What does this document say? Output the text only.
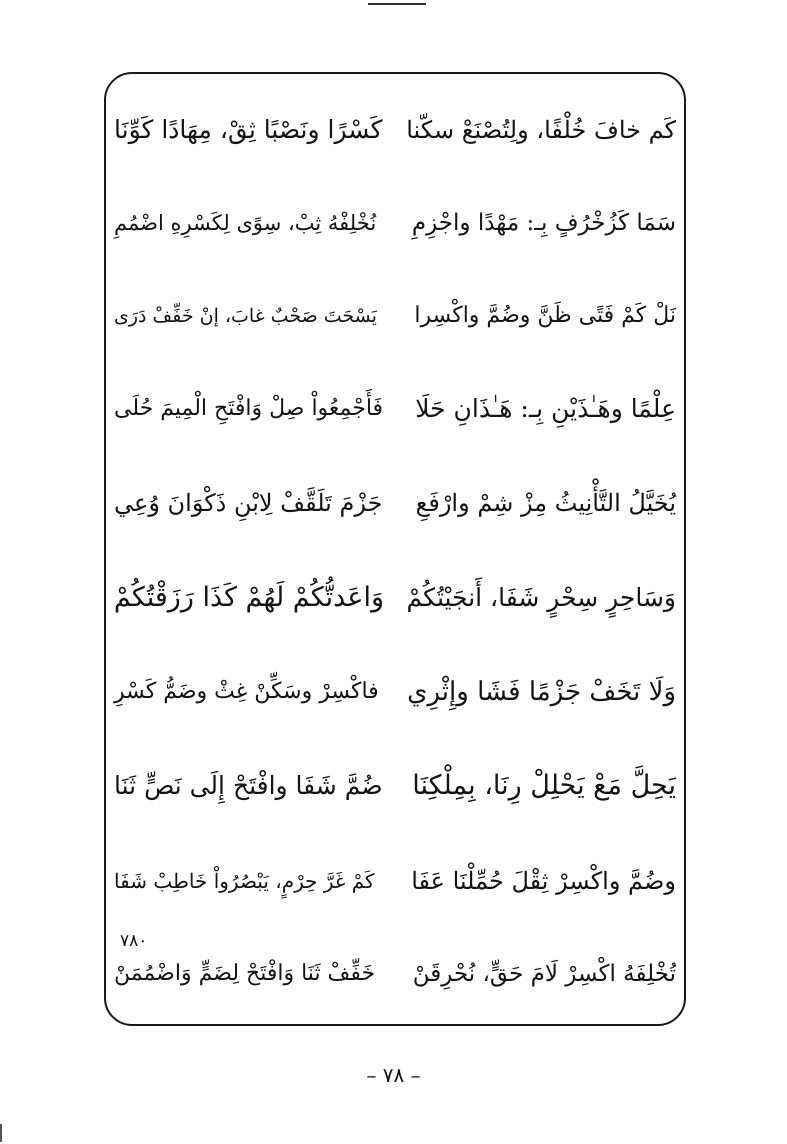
كَم خافَ خُلْفًا، ولِتُصْنَعْ سكّنا
كَسْرًا ونَصْبًا ثِقْ، مِهَادًا كَوِّنَا
سَمَا كَزُخْرُفٍ بِـ: مَهْدًا واجْزِمِ
نُخْلِفْهُ ثِبْ، سِوًى لِكَسْرِهِ اضْمُمِ
نَلْ كَمْ فَتًى ظَنَّ وضُمَّ واكْسِرا
يَسْحَتَ صَحْبٌ غابَ، إنْ خَفِّفْ دَرَى
عِلْمًا وهَـٰذَيْنِ بِـ: هَـٰذَانِ حَلَا
فَأَجْمِعُواْ صِلْ وَافْتَحِ الْمِيمَ حُلَى
يُخَيَّلُ التَّأْنِيثُ مِزْ شِمْ وارْفَعِ
جَزْمَ تَلَقَّفْ لِابْنِ ذَكْوَانَ وُعِي
وَسَاحِرٍ سِحْرٍ شَفَا، أَنجَيْتُكُمْ
وَاعَدتُّكُمْ لَهُمْ كَذَا رَزَقْتُكُمْ
وَلَا تَخَفْ جَزْمًا فَشَا وإِثْرِي
فاكْسِرْ وسَكِّنْ غِثْ وضَمُّ كَسْرِ
يَحِلَّ مَعْ يَحْلِلْ رِنَا، بِمِلْكِنَا
ضُمَّ شَفَا وافْتَحْ إِلَى نَصٍّ ثَنَا
وضُمَّ واكْسِرْ ثِقْلَ حُمِّلْنَا عَفَا
كَمْ غَرَّ حِرْمٍ، يَبْصُرُواْ خَاطِبْ شَفَا
تُخْلِفَهُ اكْسِرْ لَامَ حَقٍّ، نُحْرِقَنْ
خَفِّفْ ثَنَا وَافْتَحْ لِضَمٍّ وَاضْمُمَنْ
٧٨٠
– ٧٨ –
